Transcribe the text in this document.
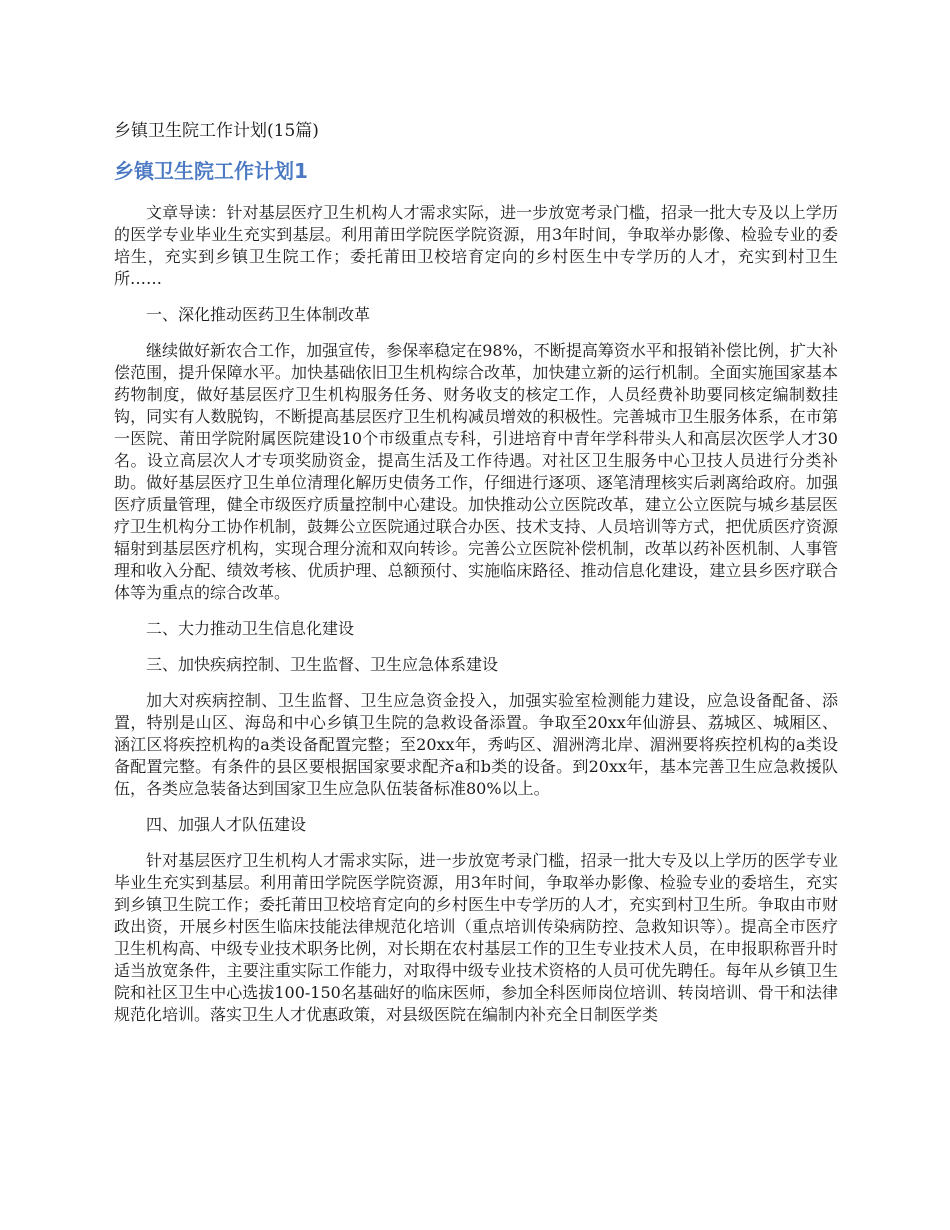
乡镇卫生院工作计划(15篇)
乡镇卫生院工作计划1

文章导读：针对基层医疗卫生机构人才需求实际，进一步放宽考录门槛，招录一批大专及以上学历的医学专业毕业生充实到基层。利用莆田学院医学院资源，用3年时间，争取举办影像、检验专业的委培生，充实到乡镇卫生院工作；委托莆田卫校培育定向的乡村医生中专学历的人才，充实到村卫生所……

一、深化推动医药卫生体制改革

继续做好新农合工作，加强宣传，参保率稳定在98%，不断提高筹资水平和报销补偿比例，扩大补偿范围，提升保障水平。加快基础依旧卫生机构综合改革，加快建立新的运行机制。全面实施国家基本药物制度，做好基层医疗卫生机构服务任务、财务收支的核定工作，人员经费补助要同核定编制数挂钩，同实有人数脱钩，不断提高基层医疗卫生机构减员增效的积极性。完善城市卫生服务体系，在市第一医院、莆田学院附属医院建设10个市级重点专科，引进培育中青年学科带头人和高层次医学人才30名。设立高层次人才专项奖励资金，提高生活及工作待遇。对社区卫生服务中心卫技人员进行分类补助。做好基层医疗卫生单位清理化解历史债务工作，仔细进行逐项、逐笔清理核实后剥离给政府。加强医疗质量管理，健全市级医疗质量控制中心建设。加快推动公立医院改革，建立公立医院与城乡基层医疗卫生机构分工协作机制，鼓舞公立医院通过联合办医、技术支持、人员培训等方式，把优质医疗资源辐射到基层医疗机构，实现合理分流和双向转诊。完善公立医院补偿机制，改革以药补医机制、人事管理和收入分配、绩效考核、优质护理、总额预付、实施临床路径、推动信息化建设，建立县乡医疗联合体等为重点的综合改革。

二、大力推动卫生信息化建设

三、加快疾病控制、卫生监督、卫生应急体系建设

加大对疾病控制、卫生监督、卫生应急资金投入，加强实验室检测能力建设，应急设备配备、添置，特别是山区、海岛和中心乡镇卫生院的急救设备添置。争取至20xx年仙游县、荔城区、城厢区、涵江区将疾控机构的a类设备配置完整；至20xx年，秀屿区、湄洲湾北岸、湄洲要将疾控机构的a类设备配置完整。有条件的县区要根据国家要求配齐a和b类的设备。到20xx年，基本完善卫生应急救援队伍，各类应急装备达到国家卫生应急队伍装备标准80%以上。

四、加强人才队伍建设

针对基层医疗卫生机构人才需求实际，进一步放宽考录门槛，招录一批大专及以上学历的医学专业毕业生充实到基层。利用莆田学院医学院资源，用3年时间，争取举办影像、检验专业的委培生，充实到乡镇卫生院工作；委托莆田卫校培育定向的乡村医生中专学历的人才，充实到村卫生所。争取由市财政出资，开展乡村医生临床技能法律规范化培训（重点培训传染病防控、急救知识等）。提高全市医疗卫生机构高、中级专业技术职务比例，对长期在农村基层工作的卫生专业技术人员，在申报职称晋升时适当放宽条件，主要注重实际工作能力，对取得中级专业技术资格的人员可优先聘任。每年从乡镇卫生院和社区卫生中心选拔100-150名基础好的临床医师，参加全科医师岗位培训、转岗培训、骨干和法律规范化培训。落实卫生人才优惠政策，对县级医院在编制内补充全日制医学类
